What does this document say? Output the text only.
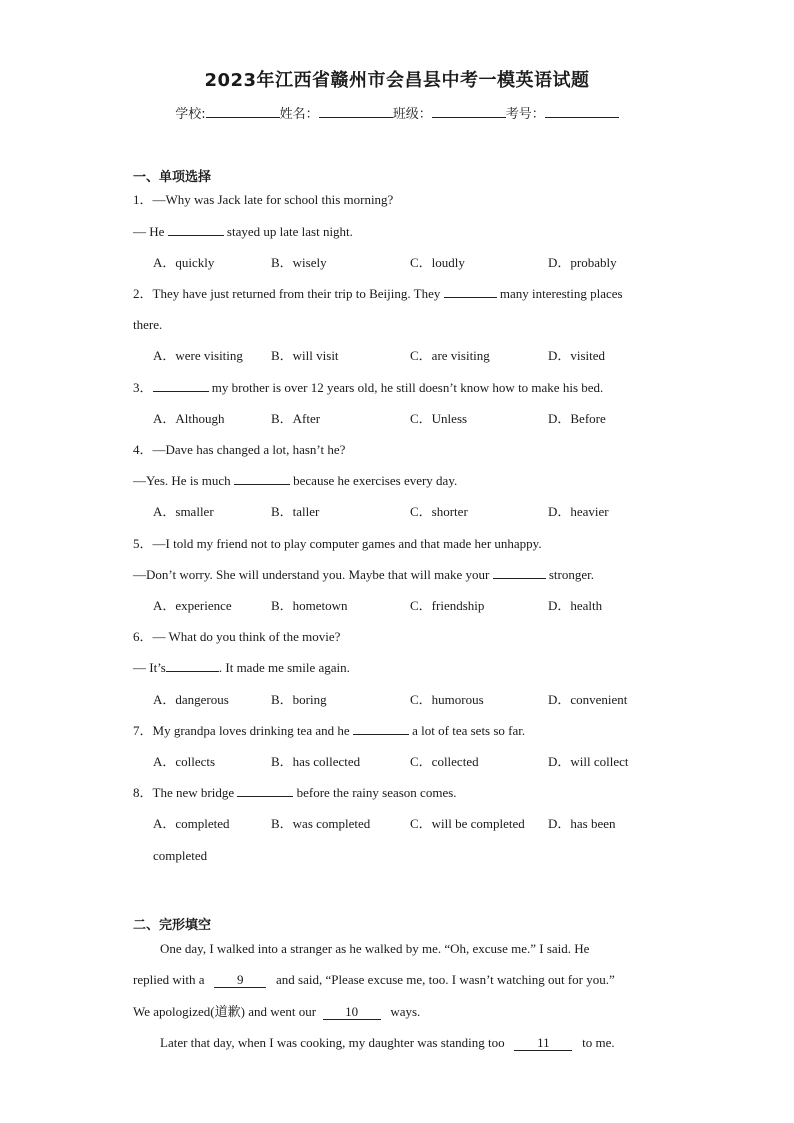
2023年江西省赣州市会昌县中考一模英语试题
学校:	姓名：	班级：	考号：
一、单项选择
1．—Why was Jack late for school this morning?
— He	stayed up late last night.
A．quickly	B．wisely	C．loudly	D．probably
2．They have just returned from their trip to Beijing. They	many interesting places
there.
A．were visiting B．will visit	C．are visiting	D．visited
3．	my brother is over 12 years old, he still doesn’t know how to make his bed.
A．Although	B．After	C．Unless	D．Before
4．—Dave has changed a lot, hasn’t he?
—Yes. He is much	because he exercises every day.
A．smaller	B．taller	C．shorter	D．heavier
5．—I told my friend not to play computer games and that made her unhappy.
—Don’t worry. She will understand you. Maybe that will make your	stronger.
A．experience	B．hometown	C．friendship	D．health
6．— What do you think of the movie?
— It’s	. It made me smile again.
A．dangerous	B．boring	C．humorous	D．convenient
7．My grandpa loves drinking tea and he	a lot of tea sets so far.
A．collects	B．has collected	C．collected	D．will collect
8．The new bridge	before the rainy season comes.
A．completed	B．was completed	C．will be completed D．has been
completed
二、完形填空
One day, I walked into a stranger as he walked by me. “Oh, excuse me.” I said. He
replied with a	9	and said, “Please excuse me, too. I wasn’t watching out for you.”
We apologized(道歉) and went our 10 ways.
Later that day, when I was cooking, my daughter was standing too 11 to me.
